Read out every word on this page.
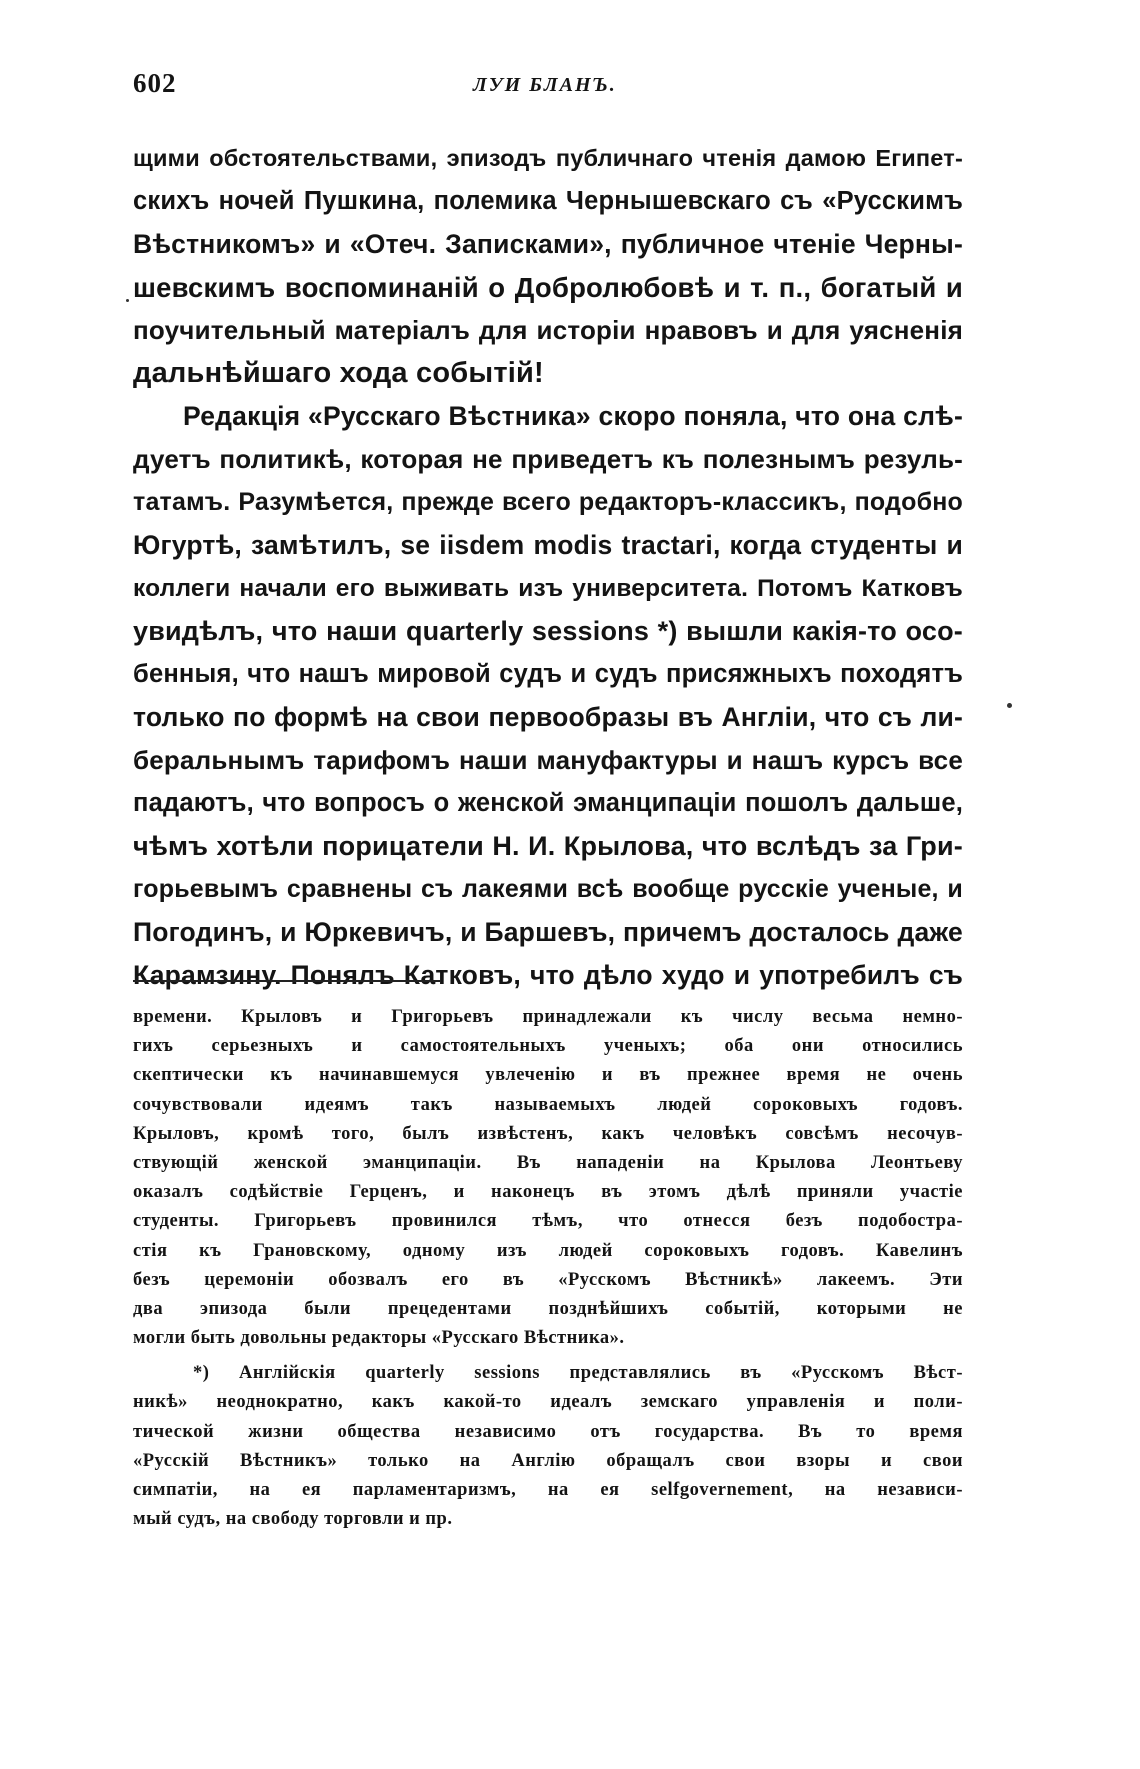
602	ЛУИ БЛАНЪ.
щими обстоятельствами, эпизодъ публичнаго чтенія дамою Египет-
скихъ ночей Пушкина, полемика Чернышевскаго съ «Русскимъ
Вѣстникомъ» и «Отеч. Записками», публичное чтеніе Черны-
шевскимъ воспоминаній о Добролюбовѣ и т. п., богатый и
поучительный матеріалъ для исторіи нравовъ и для уясненія
дальнѣйшаго хода событій!
Редакція «Русскаго Вѣстника» скоро поняла, что она слѣ-
дуетъ политикѣ, которая не приведетъ къ полезнымъ резуль-
татамъ. Разумѣется, прежде всего редакторъ-классикъ, подобно
Югуртѣ, замѣтилъ, se iisdem modis tractari, когда студенты и
коллеги начали его выживать изъ университета. Потомъ Катковъ
увидѣлъ, что наши quarterly sessions *) вышли какія-то осо-
бенныя, что нашъ мировой судъ и судъ присяжныхъ походятъ
только по формѣ на свои первообразы въ Англіи, что съ ли-
беральнымъ тарифомъ наши мануфактуры и нашъ курсъ все
падаютъ, что вопросъ о женской эманципаціи пошолъ дальше,
чѣмъ хотѣли порицатели Н. И. Крылова, что вслѣдъ за Гри-
горьевымъ сравнены съ лакеями всѣ вообще русскіе ученые, и
Погодинъ, и Юркевичъ, и Баршевъ, причемъ досталось даже
Карамзину. Понялъ Катковъ, что дѣло худо и употребилъ съ
времени. Крыловъ и Григорьевъ принадлежали къ числу весьма немно-
гихъ серьезныхъ и самостоятельныхъ ученыхъ; оба они относились
скептически къ начинавшемуся увлеченію и въ прежнее время не очень
сочувствовали идеямъ такъ называемыхъ людей сороковыхъ годовъ.
Крыловъ, кромѣ того, былъ извѣстенъ, какъ человѣкъ совсѣмъ несочув-
ствующій женской эманципаціи. Въ нападеніи на Крылова Леонтьеву
оказалъ содѣйствіе Герценъ, и наконецъ въ этомъ дѣлѣ приняли участіе
студенты. Григорьевъ провинился тѣмъ, что отнесся безъ подобостра-
стія къ Грановскому, одному изъ людей сороковыхъ годовъ. Кавелинъ
безъ церемоніи обозвалъ его въ «Русскомъ Вѣстникѣ» лакеемъ. Эти
два эпизода были прецедентами позднѣйшихъ событій, которыми не
могли быть довольны редакторы «Русскаго Вѣстника».
*) Англійскія quarterly sessions представлялись въ «Русскомъ Вѣст-
никѣ» неоднократно, какъ какой-то идеалъ земскаго управленія и поли-
тической жизни общества независимо отъ государства. Въ то время
«Русскій Вѣстникъ» только на Англію обращалъ свои взоры и свои
симпатіи, на ея парламентаризмъ, на ея selfgovernement, на независи-
мый судъ, на свободу торговли и пр.
